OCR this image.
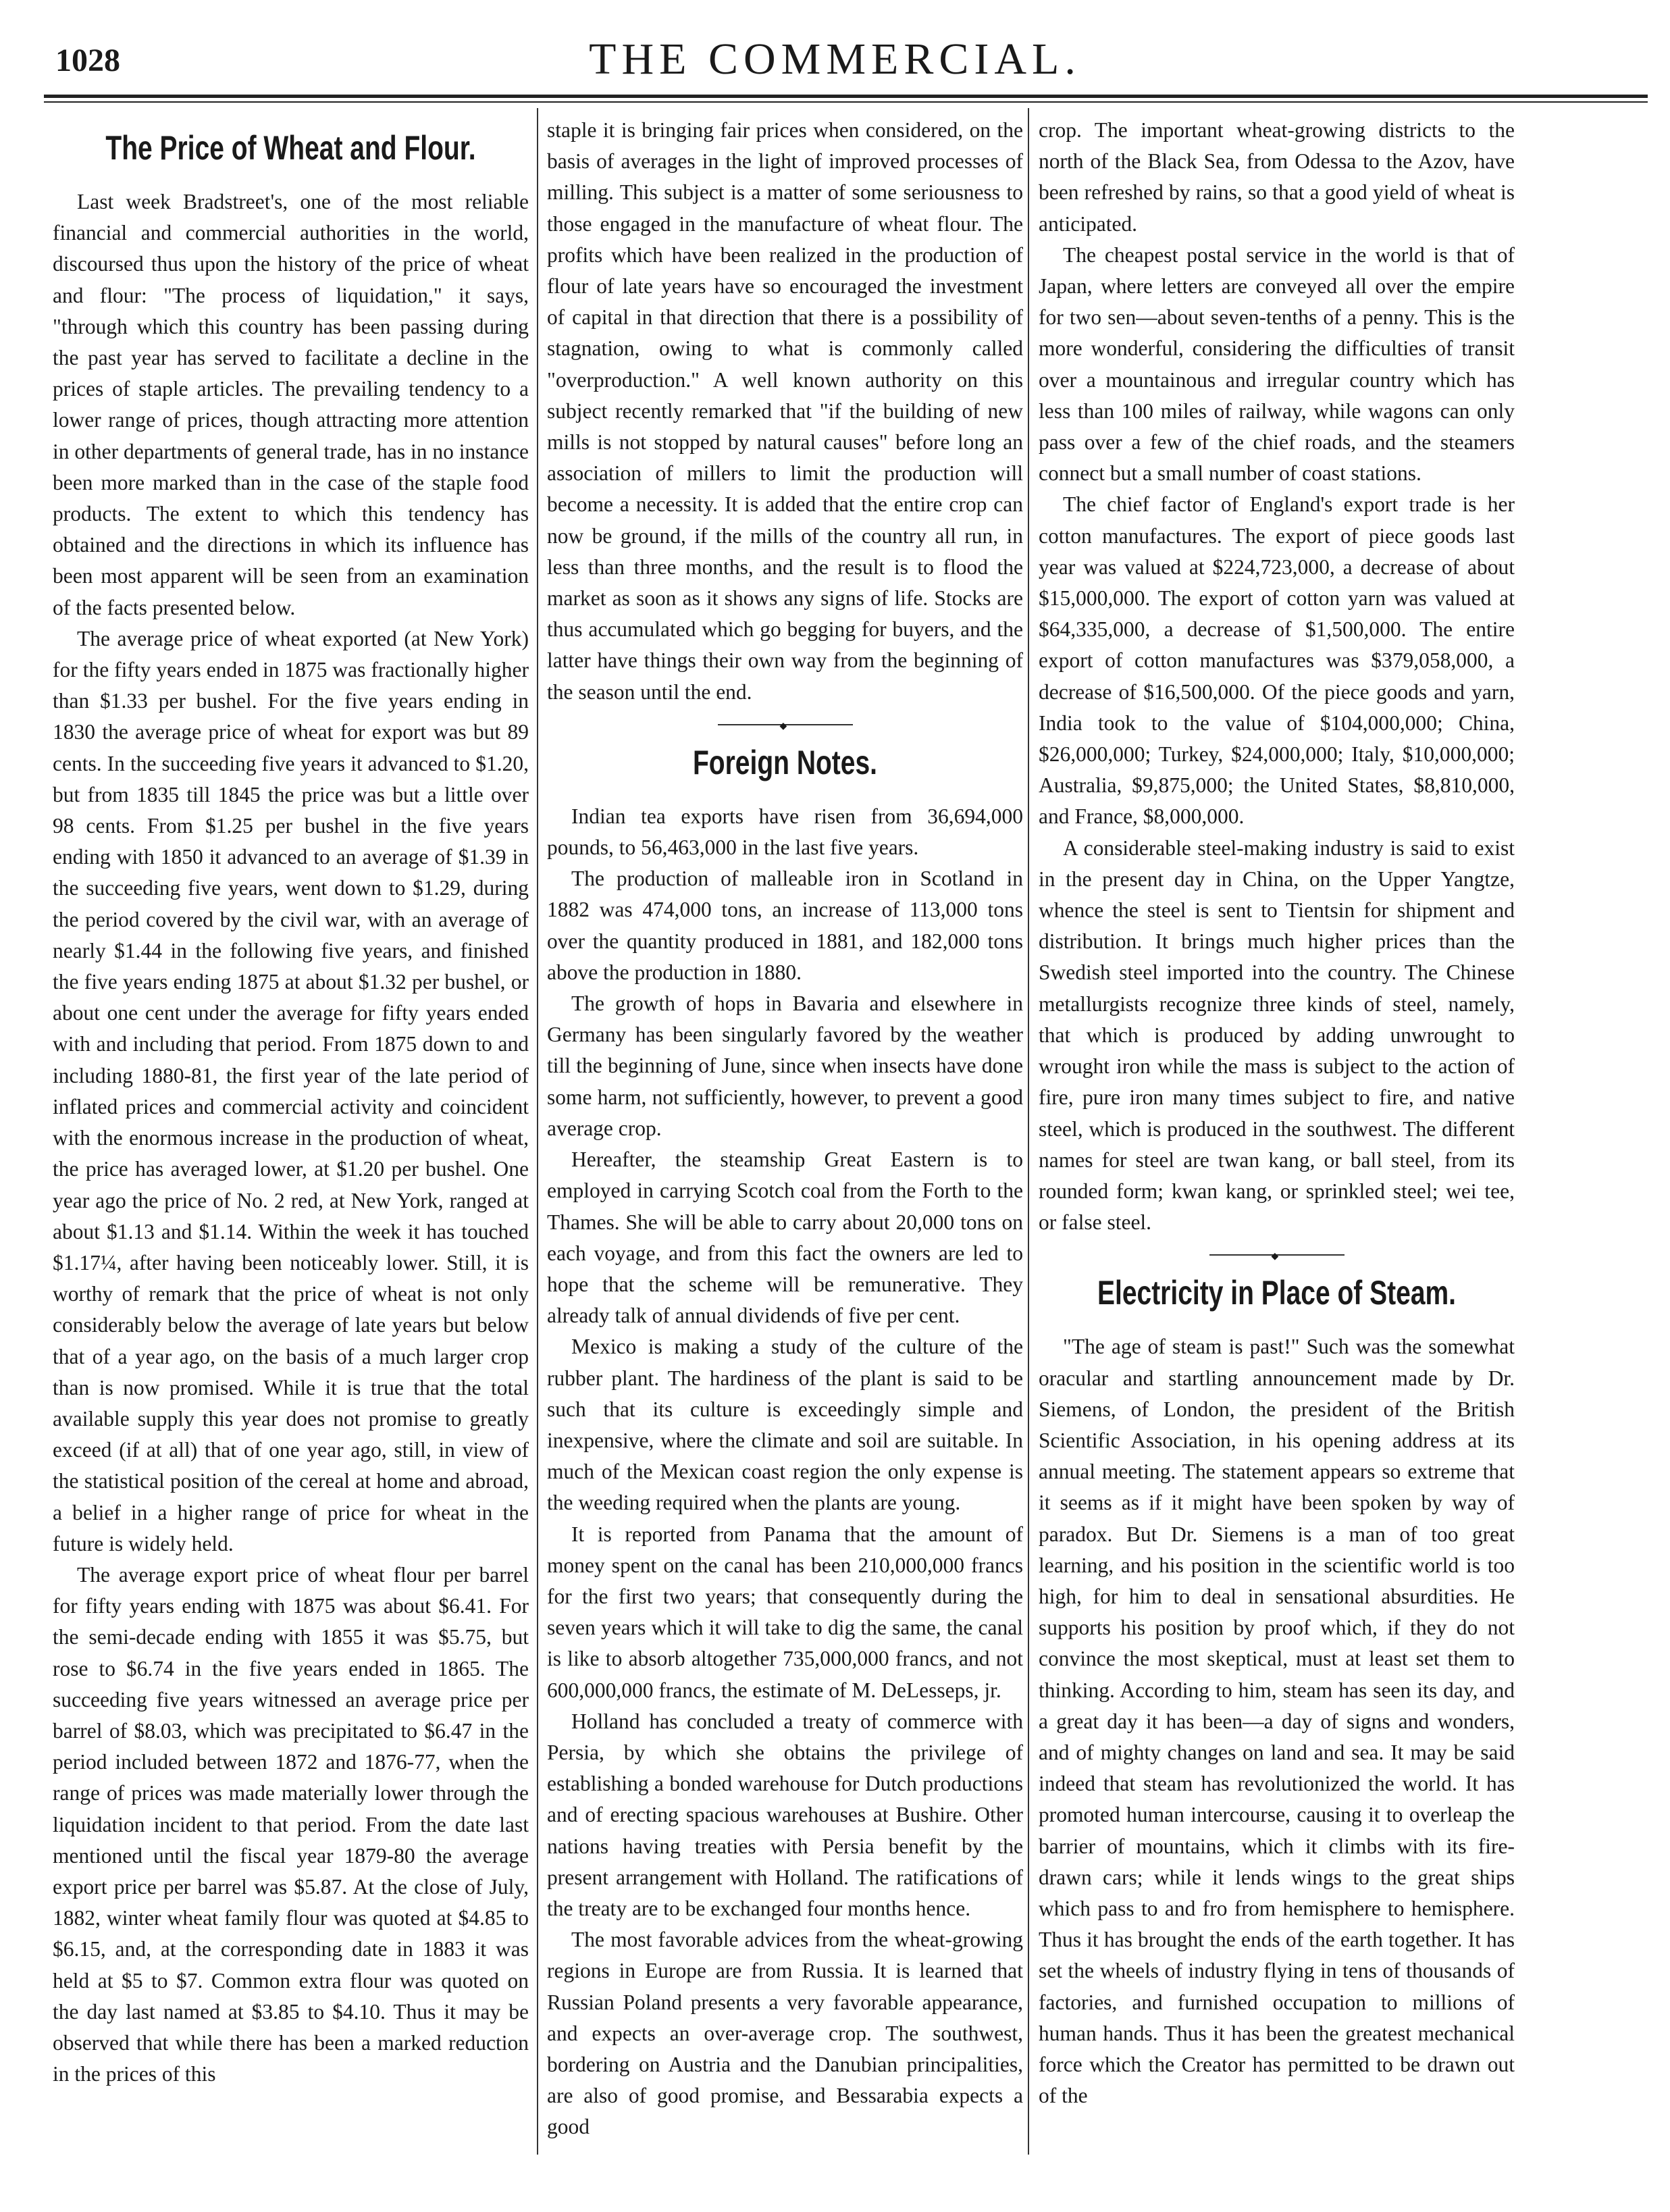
1028	THE COMMERCIAL.
The Price of Wheat and Flour.

Last week Bradstreet's, one of the most reliable financial and commercial authorities in the world, discoursed thus upon the history of the price of wheat and flour: "The process of liquidation," it says, "through which this country has been passing during the past year has served to facilitate a decline in the prices of staple articles. The prevailing tendency to a lower range of prices, though attracting more attention in other departments of general trade, has in no instance been more marked than in the case of the staple food products. The extent to which this tendency has obtained and the directions in which its influence has been most apparent will be seen from an examination of the facts presented below.

The average price of wheat exported (at New York) for the fifty years ended in 1875 was fractionally higher than $1.33 per bushel. For the five years ending in 1830 the average price of wheat for export was but 89 cents. In the succeeding five years it advanced to $1.20, but from 1835 till 1845 the price was but a little over 98 cents. From $1.25 per bushel in the five years ending with 1850 it advanced to an average of $1.39 in the succeeding five years, went down to $1.29, during the period covered by the civil war, with an average of nearly $1.44 in the following five years, and finished the five years ending 1875 at about $1.32 per bushel, or about one cent under the average for fifty years ended with and including that period. From 1875 down to and including 1880-81, the first year of the late period of inflated prices and commercial activity and coincident with the enormous increase in the production of wheat, the price has averaged lower, at $1.20 per bushel. One year ago the price of No. 2 red, at New York, ranged at about $1.13 and $1.14. Within the week it has touched $1.17¼, after having been noticeably lower. Still, it is worthy of remark that the price of wheat is not only considerably below the average of late years but below that of a year ago, on the basis of a much larger crop than is now promised. While it is true that the total available supply this year does not promise to greatly exceed (if at all) that of one year ago, still, in view of the statistical position of the cereal at home and abroad, a belief in a higher range of price for wheat in the future is widely held.

The average export price of wheat flour per barrel for fifty years ending with 1875 was about $6.41. For the semi-decade ending with 1855 it was $5.75, but rose to $6.74 in the five years ended in 1865. The succeeding five years witnessed an average price per barrel of $8.03, which was precipitated to $6.47 in the period included between 1872 and 1876-77, when the range of prices was made materially lower through the liquidation incident to that period. From the date last mentioned until the fiscal year 1879-80 the average export price per barrel was $5.87. At the close of July, 1882, winter wheat family flour was quoted at $4.85 to $6.15, and, at the corresponding date in 1883 it was held at $5 to $7. Common extra flour was quoted on the day last named at $3.85 to $4.10. Thus it may be observed that while there has been a marked reduction in the prices of this

staple it is bringing fair prices when considered, on the basis of averages in the light of improved processes of milling. This subject is a matter of some seriousness to those engaged in the manufacture of wheat flour. The profits which have been realized in the production of flour of late years have so encouraged the investment of capital in that direction that there is a possibility of stagnation, owing to what is commonly called "overproduction." A well known authority on this subject recently remarked that "if the building of new mills is not stopped by natural causes" before long an association of millers to limit the production will become a necessity. It is added that the entire crop can now be ground, if the mills of the country all run, in less than three months, and the result is to flood the market as soon as it shows any signs of life. Stocks are thus accumulated which go begging for buyers, and the latter have things their own way from the beginning of the season until the end.

◆
Foreign Notes.

Indian tea exports have risen from 36,694,000 pounds, to 56,463,000 in the last five years.

The production of malleable iron in Scotland in 1882 was 474,000 tons, an increase of 113,000 tons over the quantity produced in 1881, and 182,000 tons above the production in 1880.

The growth of hops in Bavaria and elsewhere in Germany has been singularly favored by the weather till the beginning of June, since when insects have done some harm, not sufficiently, however, to prevent a good average crop.

Hereafter, the steamship Great Eastern is to employed in carrying Scotch coal from the Forth to the Thames. She will be able to carry about 20,000 tons on each voyage, and from this fact the owners are led to hope that the scheme will be remunerative. They already talk of annual dividends of five per cent.

Mexico is making a study of the culture of the rubber plant. The hardiness of the plant is said to be such that its culture is exceedingly simple and inexpensive, where the climate and soil are suitable. In much of the Mexican coast region the only expense is the weeding required when the plants are young.

It is reported from Panama that the amount of money spent on the canal has been 210,000,000 francs for the first two years; that consequently during the seven years which it will take to dig the same, the canal is like to absorb altogether 735,000,000 francs, and not 600,000,000 francs, the estimate of M. DeLesseps, jr.

Holland has concluded a treaty of commerce with Persia, by which she obtains the privilege of establishing a bonded warehouse for Dutch productions and of erecting spacious warehouses at Bushire. Other nations having treaties with Persia benefit by the present arrangement with Holland. The ratifications of the treaty are to be exchanged four months hence.

The most favorable advices from the wheat-growing regions in Europe are from Russia. It is learned that Russian Poland presents a very favorable appearance, and expects an over-average crop. The southwest, bordering on Austria and the Danubian principalities, are also of good promise, and Bessarabia expects a good

crop. The important wheat-growing districts to the north of the Black Sea, from Odessa to the Azov, have been refreshed by rains, so that a good yield of wheat is anticipated.

The cheapest postal service in the world is that of Japan, where letters are conveyed all over the empire for two sen—about seven-tenths of a penny. This is the more wonderful, considering the difficulties of transit over a mountainous and irregular country which has less than 100 miles of railway, while wagons can only pass over a few of the chief roads, and the steamers connect but a small number of coast stations.

The chief factor of England's export trade is her cotton manufactures. The export of piece goods last year was valued at $224,723,000, a decrease of about $15,000,000. The export of cotton yarn was valued at $64,335,000, a decrease of $1,500,000. The entire export of cotton manufactures was $379,058,000, a decrease of $16,500,000. Of the piece goods and yarn, India took to the value of $104,000,000; China, $26,000,000; Turkey, $24,000,000; Italy, $10,000,000; Australia, $9,875,000; the United States, $8,810,000, and France, $8,000,000.

A considerable steel-making industry is said to exist in the present day in China, on the Upper Yangtze, whence the steel is sent to Tientsin for shipment and distribution. It brings much higher prices than the Swedish steel imported into the country. The Chinese metallurgists recognize three kinds of steel, namely, that which is produced by adding unwrought to wrought iron while the mass is subject to the action of fire, pure iron many times subject to fire, and native steel, which is produced in the southwest. The different names for steel are twan kang, or ball steel, from its rounded form; kwan kang, or sprinkled steel; wei tee, or false steel.

◆
Electricity in Place of Steam.

"The age of steam is past!" Such was the somewhat oracular and startling announcement made by Dr. Siemens, of London, the president of the British Scientific Association, in his opening address at its annual meeting. The statement appears so extreme that it seems as if it might have been spoken by way of paradox. But Dr. Siemens is a man of too great learning, and his position in the scientific world is too high, for him to deal in sensational absurdities. He supports his position by proof which, if they do not convince the most skeptical, must at least set them to thinking. According to him, steam has seen its day, and a great day it has been—a day of signs and wonders, and of mighty changes on land and sea. It may be said indeed that steam has revolutionized the world. It has promoted human intercourse, causing it to overleap the barrier of mountains, which it climbs with its fire-drawn cars; while it lends wings to the great ships which pass to and fro from hemisphere to hemisphere. Thus it has brought the ends of the earth together. It has set the wheels of industry flying in tens of thousands of factories, and furnished occupation to millions of human hands. Thus it has been the greatest mechanical force which the Creator has permitted to be drawn out of the
